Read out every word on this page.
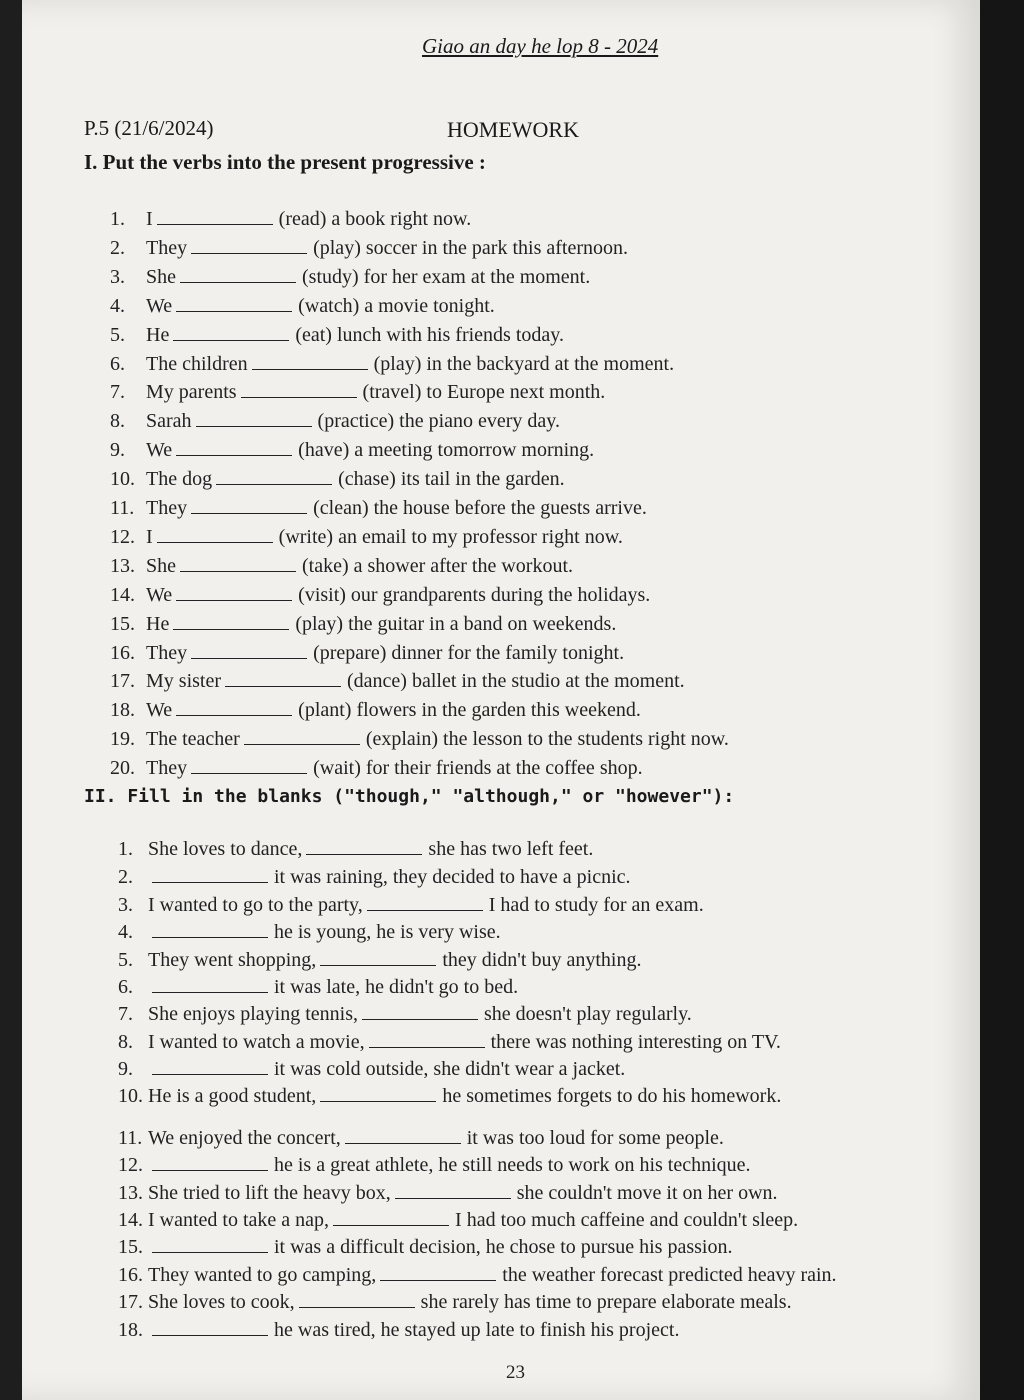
Giao an day he lop 8 - 2024
P.5 (21/6/2024)	HOMEWORK
I. Put the verbs into the present progressive :
1. I	(read) a book right now.
2. They	(play) soccer in the park this afternoon.
3. She	(study) for her exam at the moment.
4. We	(watch) a movie tonight.
5. He	(eat) lunch with his friends today.
6. The children	(play) in the backyard at the moment.
7. My parents	(travel) to Europe next month.
8. Sarah	(practice) the piano every day.
9. We	(have) a meeting tomorrow morning.
10. The dog	(chase) its tail in the garden.
11. They	(clean) the house before the guests arrive.
12. I	(write) an email to my professor right now.
13. She	(take) a shower after the workout.
14. We	(visit) our grandparents during the holidays.
15. He	(play) the guitar in a band on weekends.
16. They	(prepare) dinner for the family tonight.
17. My sister	(dance) ballet in the studio at the moment.
18. We	(plant) flowers in the garden this weekend.
19. The teacher	(explain) the lesson to the students right now.
20. They	(wait) for their friends at the coffee shop.
II. Fill in the blanks ("though," "although," or "however"):
1. She loves to dance,	she has two left feet.
2.	it was raining, they decided to have a picnic.
3. I wanted to go to the party,	I had to study for an exam.
4.	he is young, he is very wise.
5. They went shopping,	they didn't buy anything.
6.	it was late, he didn't go to bed.
7. She enjoys playing tennis,	she doesn't play regularly.
8. I wanted to watch a movie,	there was nothing interesting on TV.
9.	it was cold outside, she didn't wear a jacket.
10. He is a good student,	he sometimes forgets to do his homework.
11. We enjoyed the concert,	it was too loud for some people.
12.	he is a great athlete, he still needs to work on his technique.
13. She tried to lift the heavy box,	she couldn't move it on her own.
14. I wanted to take a nap,	I had too much caffeine and couldn't sleep.
15.	it was a difficult decision, he chose to pursue his passion.
16. They wanted to go camping,	the weather forecast predicted heavy rain.
17. She loves to cook,	she rarely has time to prepare elaborate meals.
18.	he was tired, he stayed up late to finish his project.
23
